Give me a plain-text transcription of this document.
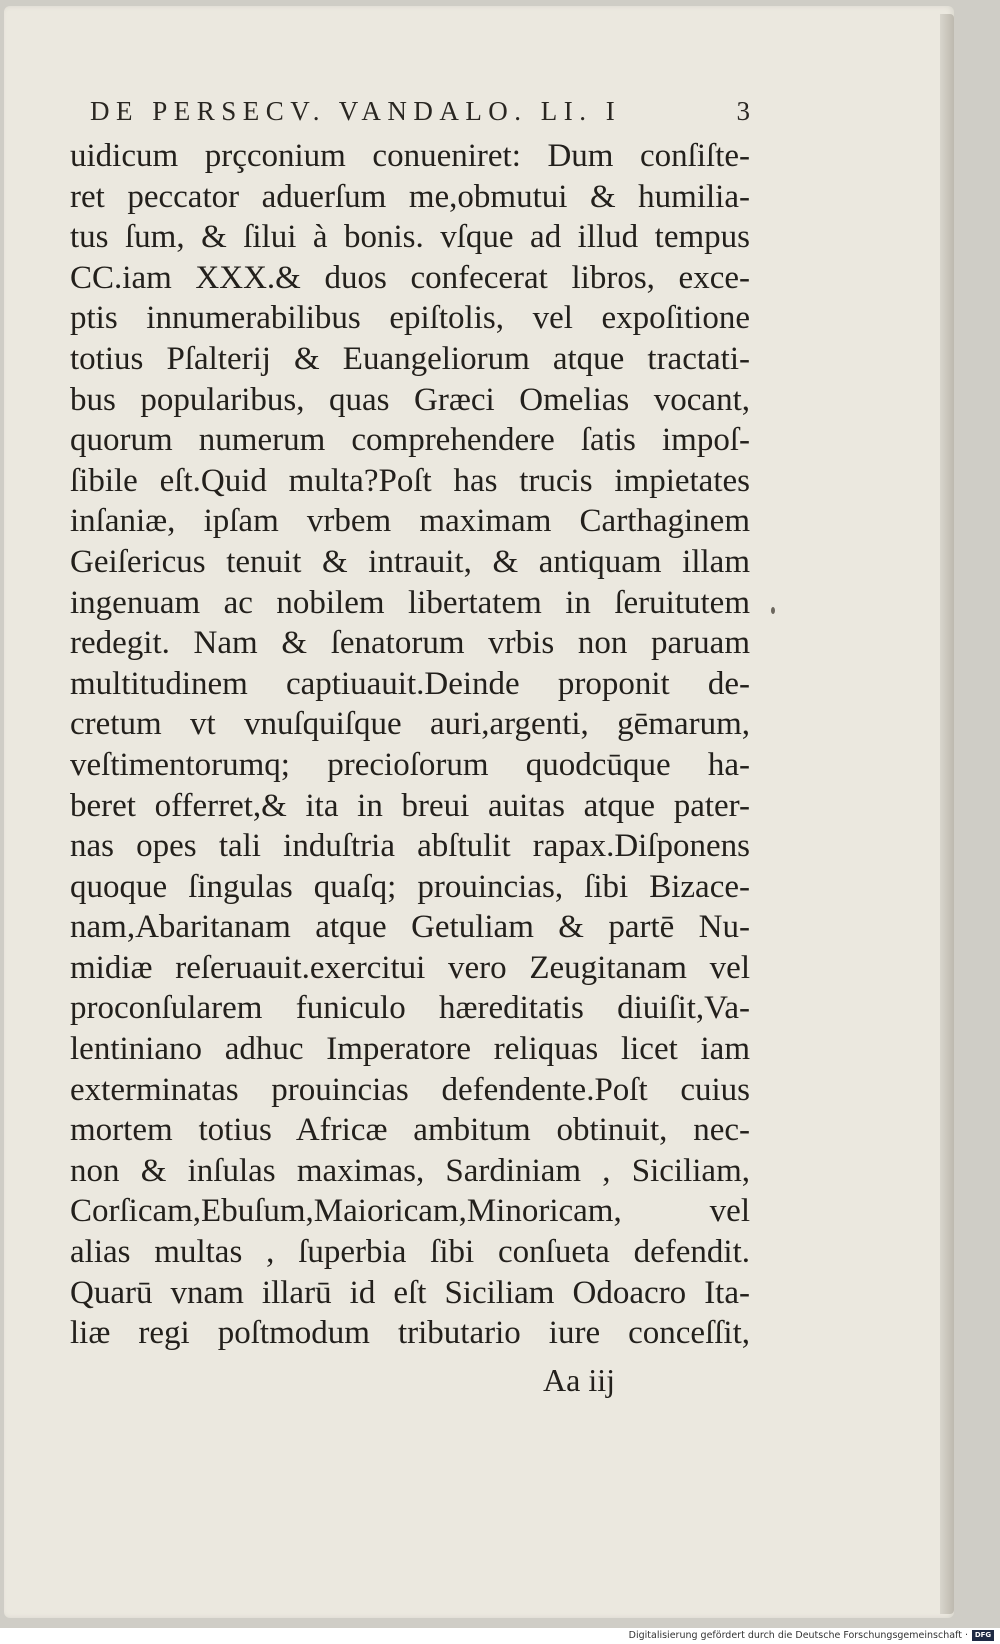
DE PERSECV. VANDALO. LI. I	3
uidicum prçconium conueniret: Dum conſiſte-
ret peccator aduerſum me,obmutui & humilia-
tus ſum, & ſilui à bonis. vſque ad illud tempus
CC.iam XXX.& duos confecerat libros, exce-
ptis innumerabilibus epiſtolis, vel expoſitione
totius Pſalterij & Euangeliorum atque tractati-
bus popularibus, quas Græci Omelias vocant,
quorum numerum comprehendere ſatis impoſ-
ſibile eſt.Quid multa?Poſt has trucis impietates
inſaniæ, ipſam vrbem maximam Carthaginem
Geiſericus tenuit & intrauit, & antiquam illam
ingenuam ac nobilem libertatem in ſeruitutem
redegit. Nam & ſenatorum vrbis non paruam
multitudinem captiuauit.Deinde proponit de-
cretum vt vnuſquiſque auri,argenti, gēmarum,
veſtimentorumq; precioſorum quodcūque ha-
beret offerret,& ita in breui auitas atque pater-
nas opes tali induſtria abſtulit rapax.Diſponens
quoque ſingulas quaſq; prouincias, ſibi Bizace-
nam,Abaritanam atque Getuliam & partē Nu-
midiæ reſeruauit.exercitui vero Zeugitanam vel
proconſularem funiculo hæreditatis diuiſit,Va-
lentiniano adhuc Imperatore reliquas licet iam
exterminatas prouincias defendente.Poſt cuius
mortem totius Africæ ambitum obtinuit, nec-
non & inſulas maximas, Sardiniam , Siciliam,
Corſicam,Ebuſum,Maioricam,Minoricam, vel
alias multas , ſuperbia ſibi conſueta defendit.
Quarū vnam illarū id eſt Siciliam Odoacro Ita-
liæ regi poſtmodum tributario iure conceſſit,
Aa iij
Digitalisierung gefördert durch die Deutsche Forschungsgemeinschaft · DFG
